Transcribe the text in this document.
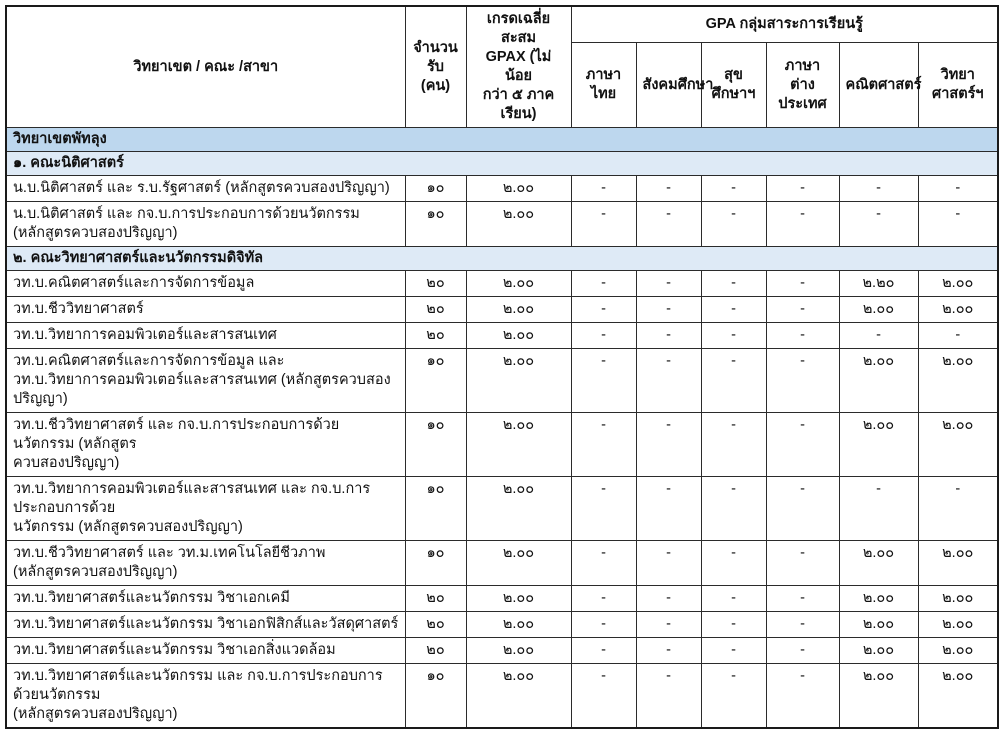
วิทยาเขต / คณะ /สาขา	จำนวนรับ
(คน)	เกรดเฉลี่ยสะสม
GPAX (ไม่น้อย
กว่า ๕ ภาคเรียน)	GPA กลุ่มสาระการเรียนรู้					
			ภาษาไทย	สังคมศึกษา	สุขศึกษาฯ	ภาษา
ต่างประเทศ	คณิตศาสตร์	วิทยาศาสตร์ฯ
วิทยาเขตพัทลุง								
๑. คณะนิติศาสตร์								
น.บ.นิติศาสตร์ และ ร.บ.รัฐศาสตร์ (หลักสูตรควบสองปริญญา)	๑๐	๒.๐๐	-	-	-	-	-	-
น.บ.นิติศาสตร์ และ กจ.บ.การประกอบการด้วยนวัตกรรม
(หลักสูตรควบสองปริญญา)	๑๐	๒.๐๐	-	-	-	-	-	-
๒. คณะวิทยาศาสตร์และนวัตกรรมดิจิทัล								
วท.บ.คณิตศาสตร์และการจัดการข้อมูล	๒๐	๒.๐๐	-	-	-	-	๒.๒๐	๒.๐๐
วท.บ.ชีววิทยาศาสตร์	๒๐	๒.๐๐	-	-	-	-	๒.๐๐	๒.๐๐
วท.บ.วิทยาการคอมพิวเตอร์และสารสนเทศ	๒๐	๒.๐๐	-	-	-	-	-	-
วท.บ.คณิตศาสตร์และการจัดการข้อมูล และ
วท.บ.วิทยาการคอมพิวเตอร์และสารสนเทศ (หลักสูตรควบสองปริญญา)	๑๐	๒.๐๐	-	-	-	-	๒.๐๐	๒.๐๐
วท.บ.ชีววิทยาศาสตร์ และ กจ.บ.การประกอบการด้วยนวัตกรรม (หลักสูตร
ควบสองปริญญา)	๑๐	๒.๐๐	-	-	-	-	๒.๐๐	๒.๐๐
วท.บ.วิทยาการคอมพิวเตอร์และสารสนเทศ และ กจ.บ.การประกอบการด้วย
นวัตกรรม (หลักสูตรควบสองปริญญา)	๑๐	๒.๐๐	-	-	-	-	-	-
วท.บ.ชีววิทยาศาสตร์ และ วท.ม.เทคโนโลยีชีวภาพ
(หลักสูตรควบสองปริญญา)	๑๐	๒.๐๐	-	-	-	-	๒.๐๐	๒.๐๐
วท.บ.วิทยาศาสตร์และนวัตกรรม วิชาเอกเคมี	๒๐	๒.๐๐	-	-	-	-	๒.๐๐	๒.๐๐
วท.บ.วิทยาศาสตร์และนวัตกรรม วิชาเอกฟิสิกส์และวัสดุศาสตร์	๒๐	๒.๐๐	-	-	-	-	๒.๐๐	๒.๐๐
วท.บ.วิทยาศาสตร์และนวัตกรรม วิชาเอกสิ่งแวดล้อม	๒๐	๒.๐๐	-	-	-	-	๒.๐๐	๒.๐๐
วท.บ.วิทยาศาสตร์และนวัตกรรม และ กจ.บ.การประกอบการด้วยนวัตกรรม
(หลักสูตรควบสองปริญญา)	๑๐	๒.๐๐	-	-	-	-	๒.๐๐	๒.๐๐
